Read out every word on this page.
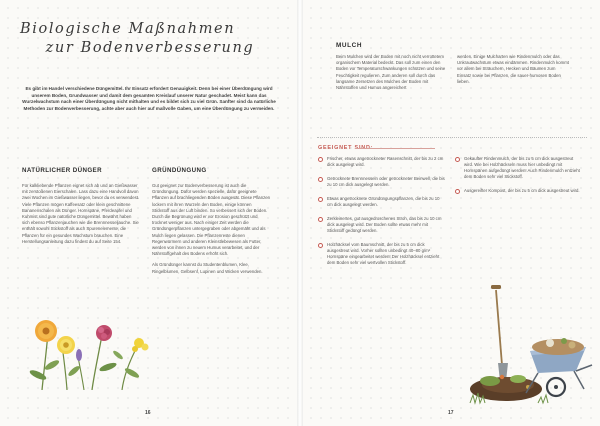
Biologische Maßnahmen
zur Bodenverbesserung
Es gibt im Handel verschiedene Düngemittel. Ihr Einsatz erfordert Genauigkeit. Denn bei einer Überdüngung wird unserem Boden, Grundwasser und damit dem gesamten Kreislauf unserer Natur geschadet. Meist kann das Wurzelwachstum nach einer Überdüngung nicht mithalten und es bildet sich zu viel Grün. Sanfter sind da natürliche Methoden zur Bodenverbesserung, achte aber auch hier auf maßvolle Gaben, um eine Überdüngung zu vermeiden.
NATÜRLICHER DÜNGER
Für kalkliebende Pflanzen eignet sich ab und an Gießwasser mit zerstoßenen Eierschalen. Lass dazu eine Handvoll davon zwei Wochen im Gießwasser liegen, bevor du es verwendest. Viele Pflanzen mögen Kaffeesatz oder klein geschnittene Bananenschalen als Dünger. Hornspäne, Pferdeapfel und Kuhmist sind gute natürliche Düngemittel. Bewährt haben sich ebenso Pflanzenjauchen wie die Brennnesseljauche. Sie enthält sowohl Stickstoff als auch Spurenelemente, die Pflanzen für ein gesundes Wachstum brauchen. Eine Herstellungsanleitung dazu findest du auf Seite 154.
GRÜNDÜNGUNG

Gut geeignet zur Bodenverbesserung ist auch die Gründüngung. Dafür werden spezielle, dafür geeignete Pflanzen auf brachliegenden Böden ausgesät. Diese Pflanzen lockern mit ihren Wurzeln den Boden, einige können Stickstoff aus der Luft binden. So verbessert sich der Boden. Durch die Begrünung wird er vor Erosion geschützt und trocknet weniger aus. Nach einiger Zeit werden die Gründüngerpflanzen untergegraben oder abgemäht und als Mulch liegen gelassen. Die Pflanzenreste dienen Regenwürmern und anderen Kleinstlebewesen als Futter, werden von ihnen zu neuem Humus verarbeitet, und der Nährstoffgehalt des Bodens erhöht sich.

Als Gründünger kannst du Studentenblumen, Klee, Ringelblumen, Gelbsenf, Lupinen und Wicken verwenden.

16
MULCH
Beim Mulchen wird der Boden mit noch nicht verrottetem organischem Material bedeckt. Das soll zum einen den Boden vor Temperaturschwankungen schützen und seine Feuchtigkeit regulieren. Zum anderen soll durch das langsame Zersetzen des Mulches der Boden mit Nährstoffen und Humus angereichert
werden. Einige Mulcharten wie Rindenmulch oder das Unkrautwachstum etwas eindämmen. Rindenmulch kommt vor allem bei Sträuchern, Hecken und Bäumen zum Einsatz sowie bei Pflanzen, die sauer-humosen Boden lieben.
GEEIGNET SIND:
Frischer, etwas angetrockneter Rasenschnitt, der bis zu 2 cm dick ausgelegt wird.
Getrocknete Brennnesseln oder getrockneter Beinwell, die bis zu 10 cm dick ausgelegt werden.
Etwas angetrocknete Gründüngungspflanzen, die bis zu 10 cm dick ausgelegt werden.
Zerkleinertes, gut ausgedroschenes Stroh, das bis zu 10 cm dick ausgelegt wird. Der Boden sollte etwas mehr mit Stickstoff gedüngt werden.
Holzhäcksel vom Baumschnitt, der bis zu 5 cm dick ausgestreut wird. Vorher sollten unbedingt 40–80 g/m² Hornspäne eingearbeitet werden! Der Holzhäcksel entzieht dem Boden sehr viel wertvollen Stickstoff.
Gekaufter Rindenmulch, der bis zu 5 cm dick ausgestreut wird. Wie bei Holzhäckseln muss hier unbedingt mit Hornspänen aufgedüngt werden! Auch Rindenmulch entzieht dem Boden sehr viel Stickstoff.
Ausgereifter Kompost, der bis zu 5 cm dick ausgestreut wird.
17
